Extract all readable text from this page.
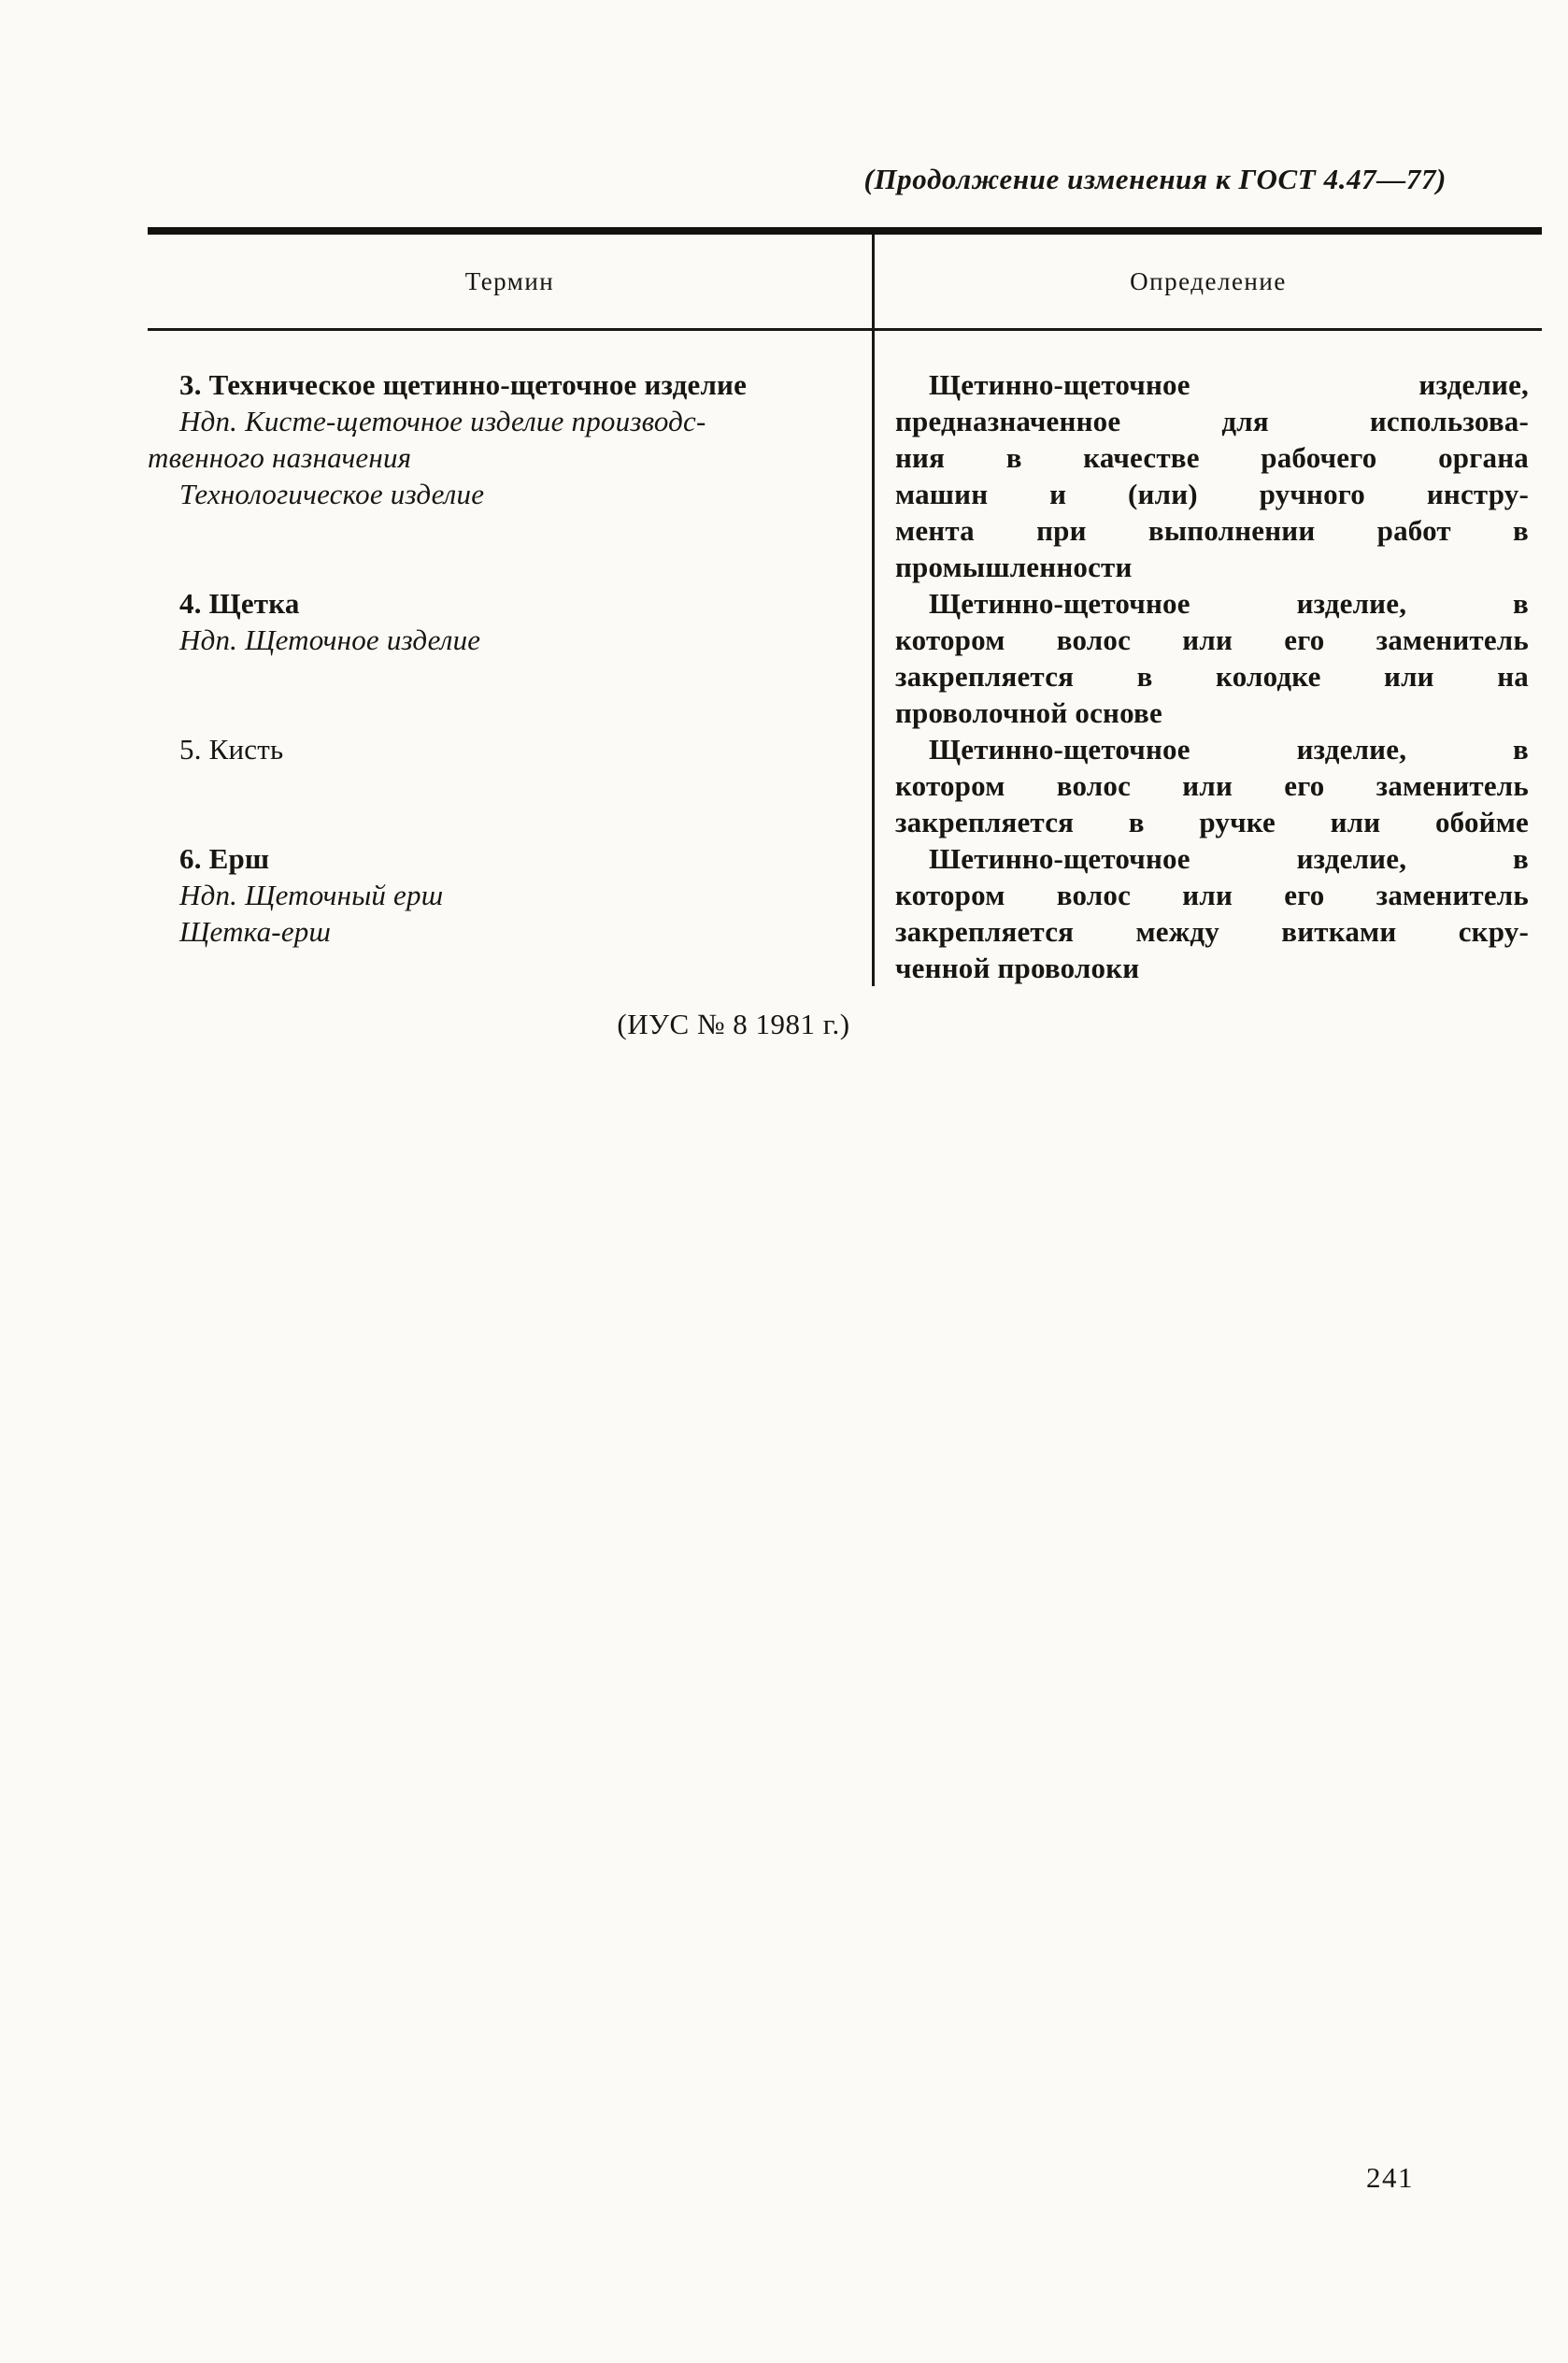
(Продолжение изменения к ГОСТ 4.47—77)
Термин	Определение
3. Техническое щетинно-щеточное изделие
Ндп. Кисте-щеточное изделие производс-
твенного назначения
Технологическое изделие
Щетинно-щеточное изделие,
предназначенное для использова-
ния в качестве рабочего органа
машин и (или) ручного инстру-
мента при выполнении работ в
промышленности
4. Щетка
Ндп. Щеточное изделие
Щетинно-щеточное изделие, в
котором волос или его заменитель
закрепляется в колодке или на
проволочной основе
5. Кисть	Щетинно-щеточное изделие, в
котором волос или его заменитель
закрепляется в ручке или обойме
6. Ерш
Ндп. Щеточный ерш
Щетка-ерш
Шетинно-щеточное изделие, в
котором волос или его заменитель
закрепляется между витками скру-
ченной проволоки
(ИУС № 8 1981 г.)
241
